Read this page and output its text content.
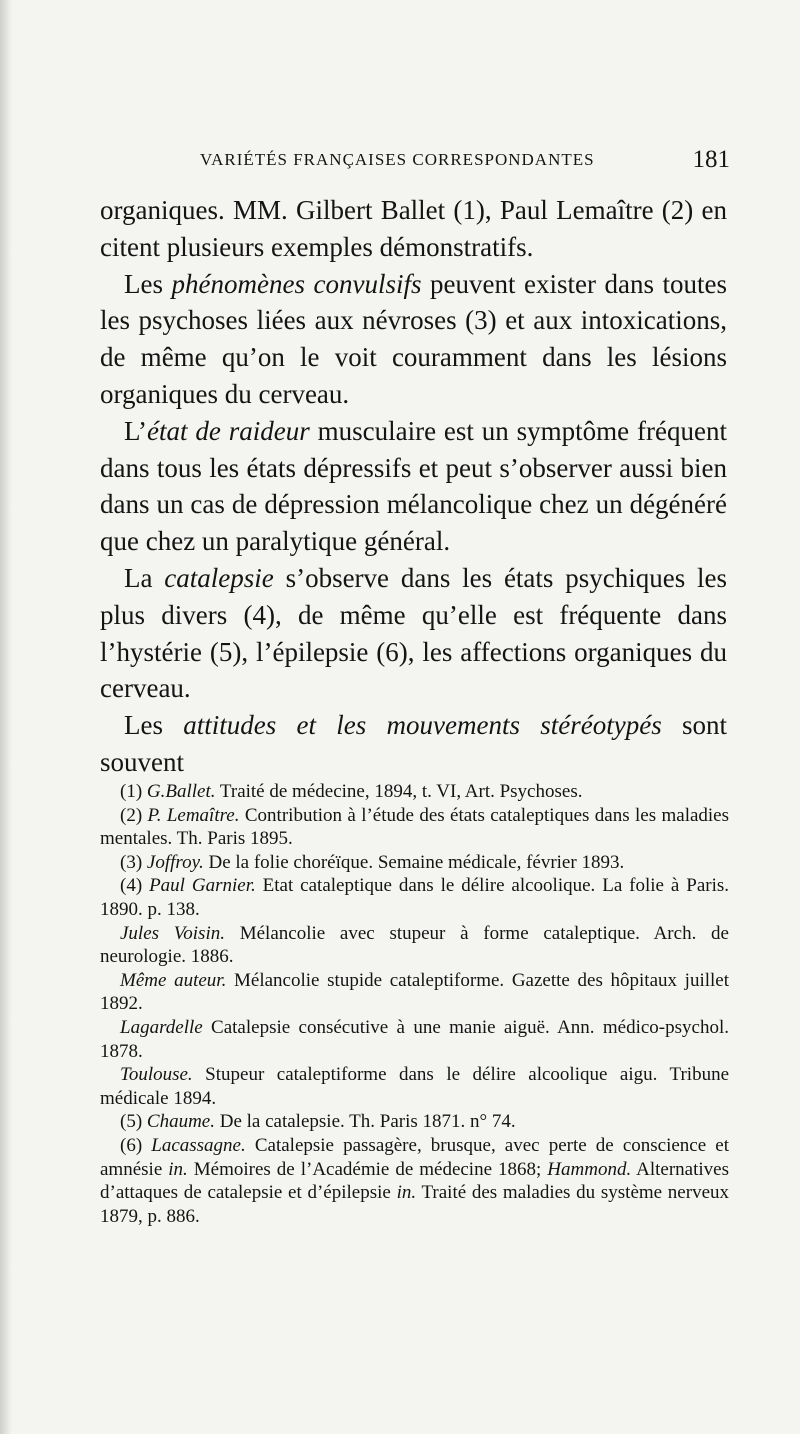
VARIÉTÉS FRANÇAISES CORRESPONDANTES	181

organiques. MM. Gilbert Ballet (1), Paul Lemaître (2) en citent plusieurs exemples démonstratifs.

Les phénomènes convulsifs peuvent exister dans toutes les psychoses liées aux névroses (3) et aux intoxications, de même qu’on le voit couramment dans les lésions organiques du cerveau.

L’état de raideur musculaire est un symptôme fréquent dans tous les états dépressifs et peut s’observer aussi bien dans un cas de dépression mélancolique chez un dégénéré que chez un paralytique général.

La catalepsie s’observe dans les états psychiques les plus divers (4), de même qu’elle est fréquente dans l’hystérie (5), l’épilepsie (6), les affections organiques du cerveau.

Les attitudes et les mouvements stéréotypés sont souvent

(1) G.Ballet. Traité de médecine, 1894, t. VI, Art. Psychoses.

(2) P. Lemaître. Contribution à l’étude des états cataleptiques dans les maladies mentales. Th. Paris 1895.

(3) Joffroy. De la folie choréïque. Semaine médicale, février 1893.

(4) Paul Garnier. Etat cataleptique dans le délire alcoolique. La folie à Paris. 1890. p. 138.

Jules Voisin. Mélancolie avec stupeur à forme cataleptique. Arch. de neurologie. 1886.

Même auteur. Mélancolie stupide cataleptiforme. Gazette des hôpitaux juillet 1892.

Lagardelle Catalepsie consécutive à une manie aiguë. Ann. médico-psychol. 1878.

Toulouse. Stupeur cataleptiforme dans le délire alcoolique aigu. Tribune médicale 1894.

(5) Chaume. De la catalepsie. Th. Paris 1871. n° 74.

(6) Lacassagne. Catalepsie passagère, brusque, avec perte de conscience et amnésie in. Mémoires de l’Académie de médecine 1868; Hammond. Alternatives d’attaques de catalepsie et d’épilepsie in. Traité des maladies du système nerveux 1879, p. 886.
